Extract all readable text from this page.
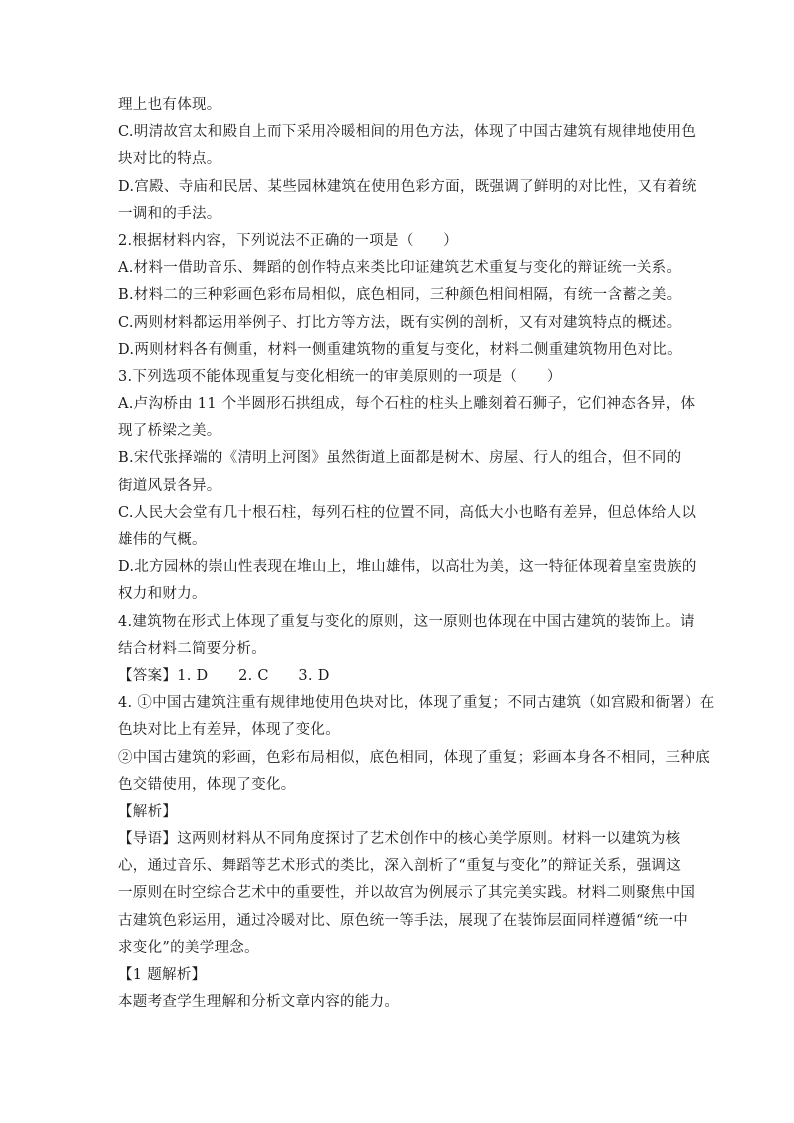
理上也有体现。
C.明清故宫太和殿自上而下采用冷暖相间的用色方法，体现了中国古建筑有规律地使用色
块对比的特点。
D.宫殿、寺庙和民居、某些园林建筑在使用色彩方面，既强调了鲜明的对比性，又有着统
一调和的手法。
2.根据材料内容，下列说法不正确的一项是（　　）
A.材料一借助音乐、舞蹈的创作特点来类比印证建筑艺术重复与变化的辩证统一关系。
B.材料二的三种彩画色彩布局相似，底色相同，三种颜色相间相隔，有统一含蓄之美。
C.两则材料都运用举例子、打比方等方法，既有实例的剖析，又有对建筑特点的概述。
D.两则材料各有侧重，材料一侧重建筑物的重复与变化，材料二侧重建筑物用色对比。
3.下列选项不能体现重复与变化相统一的审美原则的一项是（　　）
A.卢沟桥由 11 个半圆形石拱组成，每个石柱的柱头上雕刻着石狮子，它们神态各异，体
现了桥梁之美。
B.宋代张择端的《清明上河图》虽然街道上面都是树木、房屋、行人的组合，但不同的
街道风景各异。
C.人民大会堂有几十根石柱，每列石柱的位置不同，高低大小也略有差异，但总体给人以
雄伟的气概。
D.北方园林的崇山性表现在堆山上，堆山雄伟，以高壮为美，这一特征体现着皇室贵族的
权力和财力。
4.建筑物在形式上体现了重复与变化的原则，这一原则也体现在中国古建筑的装饰上。请
结合材料二简要分析。
【答案】1. D　　2. C　　3. D
4. ①中国古建筑注重有规律地使用色块对比，体现了重复；不同古建筑（如宫殿和衙署）在
色块对比上有差异，体现了变化。
②中国古建筑的彩画，色彩布局相似，底色相同，体现了重复；彩画本身各不相同，三种底
色交错使用，体现了变化。
【解析】
【导语】这两则材料从不同角度探讨了艺术创作中的核心美学原则。材料一以建筑为核
心，通过音乐、舞蹈等艺术形式的类比，深入剖析了“重复与变化”的辩证关系，强调这
一原则在时空综合艺术中的重要性，并以故宫为例展示了其完美实践。材料二则聚焦中国
古建筑色彩运用，通过冷暖对比、原色统一等手法，展现了在装饰层面同样遵循“统一中
求变化”的美学理念。
【1 题解析】
本题考查学生理解和分析文章内容的能力。
